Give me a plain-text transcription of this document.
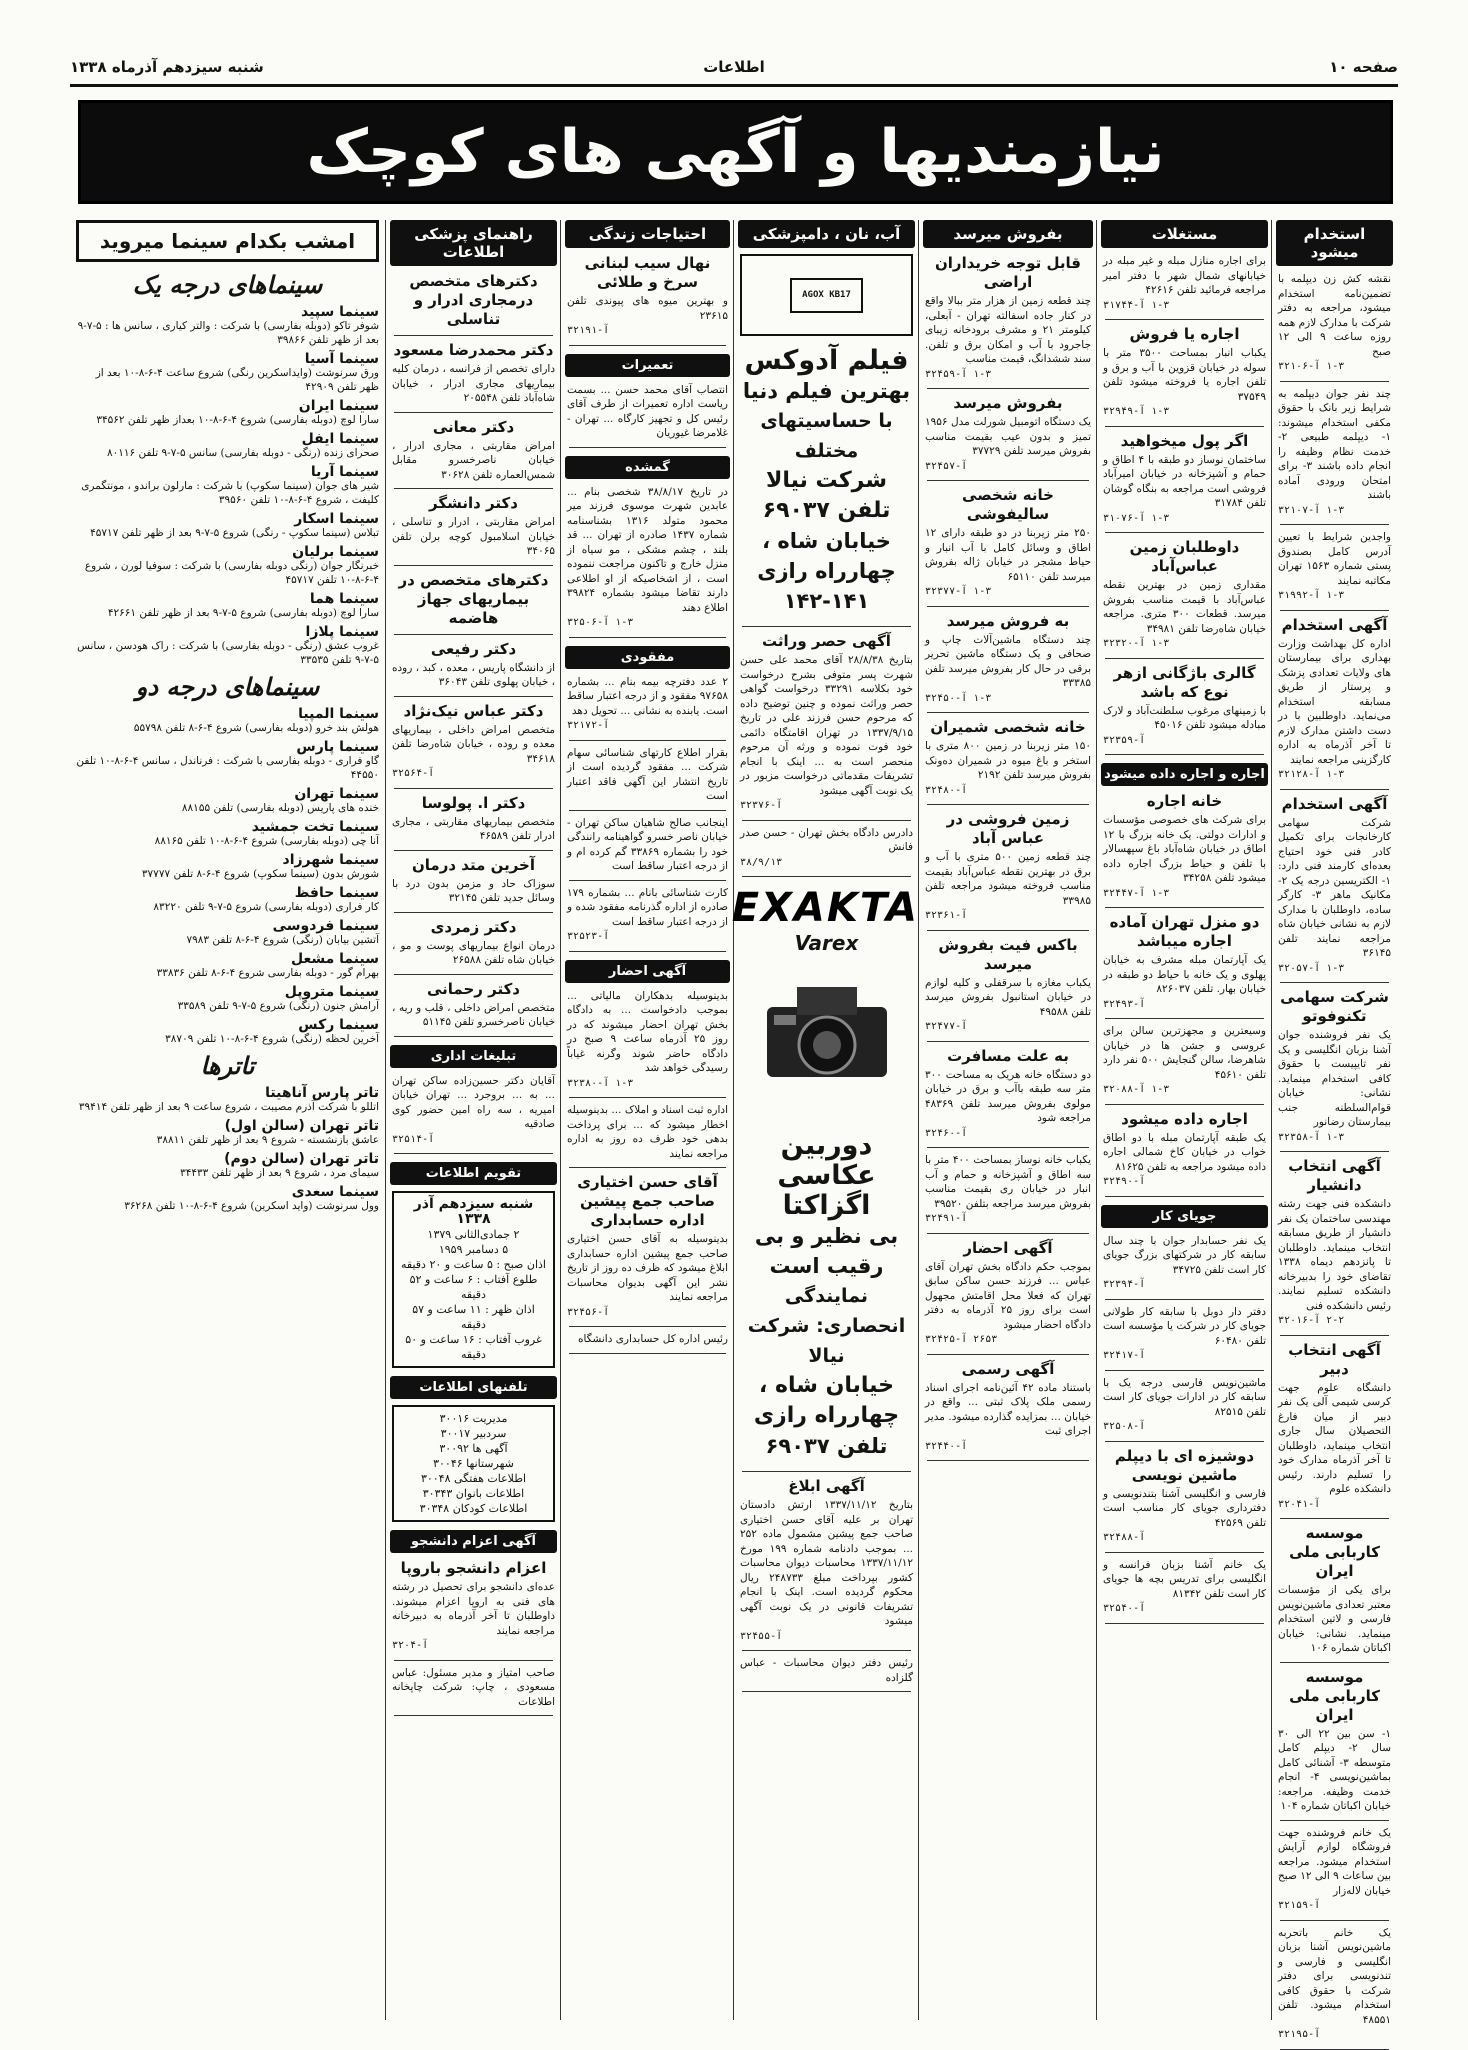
صفحه ۱۰
اطلاعات
شنبه سیزدهم آذرماه ۱۳۳۸
نیازمندیها و آگهی های کوچک
استخدام میشود
نقشه کش زن دیپلمه با تضمین‌نامه استخدام میشود، مراجعه به دفتر شرکت با مدارک لازم همه روزه ساعت ۹ الی ۱۲ صبح
۱-۳ آ-۳۲۱۰۶
چند نفر جوان دیپلمه به شرایط زیر بانک با حقوق مکفی استخدام میشوند: ۱- دیپلمه طبیعی ۲- خدمت نظام وظیفه را انجام داده باشند ۳- برای امتحان ورودی آماده باشند
۱-۳ آ-۳۲۱۰۷
واجدین شرایط با تعیین آدرس کامل بصندوق پستی شماره ۱۵۶۳ تهران مکاتبه نمایند
۱-۳ آ-۳۱۹۹۲
آگهی استخدام
اداره کل بهداشت وزارت بهداری برای بیمارستان های ولایات تعدادی پزشک و پرستار از طریق مسابقه استخدام می‌نماید. داوطلبین با در دست داشتن مدارک لازم تا آخر آذرماه به اداره کارگزینی مراجعه نمایند
۱-۳ آ-۳۲۱۲۸
آگهی استخدام
شرکت سهامی کارخانجات برای تکمیل کادر فنی خود احتیاج بعده‌ای کارمند فنی دارد: ۱- الکتریسین درجه یک ۲- مکانیک ماهر ۳- کارگر ساده، داوطلبان با مدارک لازم به نشانی خیابان شاه مراجعه نمایند تلفن ۳۶۱۴۵
۱-۳ آ-۳۲۰۵۷
شرکت سهامی تکنوفوتو
یک نفر فروشنده جوان آشنا بزبان انگلیسی و یک نفر تایپیست با حقوق کافی استخدام مینماید. نشانی: خیابان قوام‌السلطنه جنب بیمارستان رضانور
۱-۳ آ-۳۲۳۵۸
آگهی انتخاب دانشیار
دانشکده فنی جهت رشته مهندسی ساختمان یک نفر دانشیار از طریق مسابقه انتخاب مینماید. داوطلبان تا پانزدهم دیماه ۱۳۳۸ تقاضای خود را بدبیرخانه دانشکده تسلیم نمایند. رئیس دانشکده فنی
۲-۲ آ-۳۲۰۱۶
آگهی انتخاب دبیر
دانشگاه علوم جهت کرسی شیمی آلی یک نفر دبیر از میان فارغ التحصیلان سال جاری انتخاب مینماید، داوطلبان تا آخر آذرماه مدارک خود را تسلیم دارند. رئیس دانشکده علوم
آ-۳۲۰۴۱
موسسه کاربابی ملی ایران
برای یکی از مؤسسات معتبر تعدادی ماشین‌نویس فارسی و لاتین استخدام مینماید. نشانی: خیابان اکباتان شماره ۱۰۶
موسسه کاربابی ملی ایران
۱- سن بین ۲۲ الی ۳۰ سال ۲- دیپلم کامل متوسطه ۳- آشنائی کامل بماشین‌نویسی ۴- انجام خدمت وظیفه. مراجعه: خیابان اکباتان شماره ۱۰۴
یک خانم فروشنده جهت فروشگاه لوازم آرایش استخدام میشود. مراجعه بین ساعات ۹ الی ۱۲ صبح خیابان لاله‌زار
آ-۳۲۱۵۹
یک خانم باتحربه ماشین‌نویس آشنا بزبان انگلیسی و فارسی و تندنویسی برای دفتر شرکت با حقوق کافی استخدام میشود. تلفن ۴۸۵۵۱
آ-۳۲۱۹۵
مستغلات
برای اجاره منازل مبله و غیر مبله در خیابانهای شمال شهر با دفتر امیر مراجعه فرمائید تلفن ۴۲۶۱۶
۱-۳ آ-۳۱۷۴۴
اجاره یا فروش
یکباب انبار بمساحت ۳۵۰۰ متر با سوله در خیابان قزوین با آب و برق و تلفن اجاره یا فروخته میشود تلفن ۳۷۵۴۹
۱-۳ آ-۳۲۹۴۹
اگر پول میخواهید
ساختمان نوساز دو طبقه با ۴ اطاق و حمام و آشپزخانه در خیابان امیرآباد فروشی است مراجعه به بنگاه گوشان تلفن ۳۱۷۸۴
۱-۳ آ-۳۱۰۷۶
داوطلبان زمین عباس‌آباد
مقداری زمین در بهترین نقطه عباس‌آباد با قیمت مناسب بفروش میرسد. قطعات ۳۰۰ متری. مراجعه خیابان شاه‌رضا تلفن ۳۴۹۸۱
۱-۳ آ-۳۲۳۲۰
گالری باژگانی ازهر نوع که باشد
با زمینهای مرغوب سلطنت‌آباد و لارک مبادله میشود تلفن ۴۵۰۱۶
آ-۳۲۳۵۹
اجاره و اجاره داده میشود
خانه اجاره
برای شرکت های خصوصی مؤسسات و ادارات دولتی. یک خانه بزرگ با ۱۲ اطاق در خیابان شاه‌آباد باغ سپهسالار با تلفن و حیاط بزرگ اجاره داده میشود تلفن ۳۴۲۵۸
۱-۳ آ-۳۲۴۴۷
دو منزل تهران آماده اجاره میباشد
یک آپارتمان مبله مشرف به خیابان پهلوی و یک خانه با حیاط دو طبقه در خیابان بهار. تلفن ۸۲۶۰۳۷
آ-۳۲۴۹۳
وسیعترین و مجهزترین سالن برای عروسی و جشن ها در خیابان شاهرضا، سالن گنجایش ۵۰۰ نفر دارد تلفن ۴۵۶۱۰
۱-۳ آ-۳۲۰۸۸
اجاره داده میشود
یک طبقه آپارتمان مبله با دو اطاق خواب در خیابان کاخ شمالی اجاره داده میشود مراجعه به تلفن ۸۱۶۲۵
آ-۳۲۴۹۰
جویای کار
یک نفر حسابدار جوان با چند سال سابقه کار در شرکتهای بزرگ جویای کار است تلفن ۳۴۷۲۵
آ-۳۲۳۹۴
دفتر دار دوبل با سابقه کار طولانی جویای کار در شرکت یا مؤسسه است تلفن ۶۰۴۸۰
آ-۳۲۴۱۷
ماشین‌نویس فارسی درجه یک با سابقه کار در ادارات جویای کار است تلفن ۸۲۵۱۵
آ-۳۲۵۰۸
دوشیزه ای با دیپلم ماشین نویسی
فارسی و انگلیسی آشنا بتندنویسی و دفترداری جویای کار مناسب است تلفن ۴۲۵۶۹
آ-۳۲۴۸۸
یک خانم آشنا بزبان فرانسه و انگلیسی برای تدریس بچه ها جویای کار است تلفن ۸۱۳۴۲
آ-۳۲۵۴۰
بفروش میرسد
قابل توجه خریداران اراضی
چند قطعه زمین از هزار متر ببالا واقع در کنار جاده اسفالته تهران - آبعلی، کیلومتر ۲۱ و مشرف برودخانه زیبای جاجرود با آب و امکان برق و تلفن. سند ششدانگ، قیمت مناسب
۱-۳ آ-۳۲۴۵۹
بفروش میرسد
یک دستگاه اتومبیل شورلت مدل ۱۹۵۶ تمیز و بدون عیب بقیمت مناسب بفروش میرسد تلفن ۳۷۷۲۹
آ-۳۲۴۵۷
خانه شخصی سالیفوشی
۲۵۰ متر زیربنا در دو طبقه دارای ۱۲ اطاق و وسائل کامل با آب انبار و حیاط مشجر در خیابان ژاله بفروش میرسد تلفن ۶۵۱۱۰
۱-۳ آ-۳۲۳۷۷
به فروش میرسد
چند دستگاه ماشین‌آلات چاپ و صحافی و یک دستگاه ماشین تحریر برقی در حال کار بفروش میرسد تلفن ۳۳۳۸۵
۱-۳ آ-۳۲۴۵۰
خانه شخصی شمیران
۱۵۰ متر زیربنا در زمین ۸۰۰ متری با استخر و باغ میوه در شمیران ده‌ونک بفروش میرسد تلفن ۲۱۹۲
آ-۳۲۴۸۰
زمین فروشی در عباس آباد
چند قطعه زمین ۵۰۰ متری با آب و برق در بهترین نقطه عباس‌آباد بقیمت مناسب فروخته میشود مراجعه تلفن ۳۳۹۸۵
آ-۳۲۳۶۱
باکس فیت بفروش میرسد
یکباب مغازه با سرقفلی و کلیه لوازم در خیابان استانبول بفروش میرسد تلفن ۴۹۵۸۸
آ-۳۲۴۷۷
به علت مسافرت
دو دستگاه خانه هریک به مساحت ۳۰۰ متر سه طبقه باآب و برق در خیابان مولوی بفروش میرسد تلفن ۴۸۳۶۹ مراجعه شود
آ-۳۲۴۶۰
یکباب خانه نوساز بمساحت ۴۰۰ متر با سه اطاق و آشپزخانه و حمام و آب انبار در خیابان ری بقیمت مناسب بفروش میرسد مراجعه بتلفن ۳۹۵۲۰
آ-۳۲۴۹۱
آگهی احضار
بموجب حکم دادگاه بخش تهران آقای عباس ... فرزند حسن ساکن سابق تهران که فعلا محل اقامتش مجهول است برای روز ۲۵ آذرماه به دفتر دادگاه احضار میشود
۲۶۵۳ آ-۳۲۴۲۵
آگهی رسمی
باستناد ماده ۴۲ آئین‌نامه اجرای اسناد رسمی ملک پلاک ثبتی ... واقع در خیابان ... بمزایده گذارده میشود. مدیر اجرای ثبت
آ-۳۲۴۴۰
آب، نان ، دامپزشکی
AGOX KB17
فیلم آدوکس
بهترین فیلم دنیا
با حساسیتهای مختلف
شرکت نیالا تلفن ۶۹۰۳۷
خیابان شاه ، چهارراه رازی ۱۴۱-۱۴۲
آگهی حصر وراثت
بتاریخ ۲۸/۸/۳۸ آقای محمد علی حسن شهرت پسر متوفی بشرح درخواست خود بکلاسه ۳۳۲۹۱ درخواست گواهی حصر وراثت نموده و چنین توضیح داده که مرحوم حسن فرزند علی در تاریخ ۱۳۳۷/۹/۱۵ در تهران اقامتگاه دائمی خود فوت نموده و ورثه آن مرحوم منحصر است به ... اینک با انجام تشریفات مقدماتی درخواست مزبور در یک نوبت آگهی میشود
آ-۳۲۳۷۶
دادرس دادگاه بخش تهران - حسن صدر فانش
۳۸/۹/۱۳
EXAKTA
Varex
دوربین عکاسی اگزاکتا
بی نظیر و بی رقیب است
نمایندگی انحصاری: شرکت نیالا
خیابان شاه ، چهارراه رازی
تلفن ۶۹۰۳۷
آگهی ابلاغ
بتاریخ ۱۳۳۷/۱۱/۱۲ ارتش دادستان تهران بر علیه آقای حسن اختیاری صاحب جمع پیشین مشمول ماده ۲۵۲ ... بموجب دادنامه شماره ۱۹۹ مورخ ۱۳۳۷/۱۱/۱۲ محاسبات دیوان محاسبات کشور بپرداخت مبلغ ۲۴۸۷۳۳ ریال محکوم گردیده است. اینک با انجام تشریفات قانونی در یک نوبت آگهی میشود
آ-۳۲۴۵۵
رئیس دفتر دیوان محاسبات - عباس گلزاده
احتیاجات زندگی
نهال سیب لبنانی سرخ و طلائی
و بهترین میوه های پیوندی تلفن ۲۳۶۱۵
آ-۳۲۱۹۱
تعمیرات
انتصاب آقای محمد حسن ... بسمت ریاست اداره تعمیرات از طرف آقای رئیس کل و تجهیز کارگاه ... تهران - غلامرضا غیوریان
گمشده
در تاریخ ۳۸/۸/۱۷ شخصی بنام ... عابدین شهرت موسوی فرزند میر محمود متولد ۱۳۱۶ بشناسنامه شماره ۱۴۳۷ صادره از تهران ... قد بلند ، چشم مشکی ، مو سیاه از منزل خارج و تاکنون مراجعت ننموده است ، از اشخاصیکه از او اطلاعی دارند تقاضا میشود بشماره ۳۹۸۲۴ اطلاع دهند
۱-۳ آ-۳۲۵۰۶
مفقودی
۲ عدد دفترچه بیمه بنام ... بشماره ۹۷۶۵۸ مفقود و از درجه اعتبار ساقط است. یابنده به نشانی ... تحویل دهد
آ-۳۲۱۷۲
بقرار اطلاع کارتهای شناسائی سهام شرکت ... مفقود گردیده است از تاریخ انتشار این آگهی فاقد اعتبار است
اینجانب صالح شاهیان ساکن تهران - خیابان ناصر خسرو گواهینامه رانندگی خود را بشماره ۳۳۸۶۹ گم کرده ام و از درجه اعتبار ساقط است
کارت شناسائی بانام ... بشماره ۱۷۹ صادره از اداره گذرنامه مفقود شده و از درجه اعتبار ساقط است
آ-۳۲۵۲۳
آگهی احضار
بدینوسیله بدهکاران مالیاتی ... بموجب دادخواست ... به دادگاه بخش تهران احضار میشوند که در روز ۲۵ آذرماه ساعت ۹ صبح در دادگاه حاضر شوند وگرنه غیاباً رسیدگی خواهد شد
۱-۳ آ-۳۲۳۸۰
اداره ثبت اسناد و املاک ... بدینوسیله اخطار میشود که ... برای پرداخت بدهی خود ظرف ده روز به اداره مراجعه نمایند
آقای حسن اختیاری صاحب جمع پیشین اداره حسابداری
بدینوسیله به آقای حسن اختیاری صاحب جمع پیشین اداره حسابداری ابلاغ میشود که ظرف ده روز از تاریخ نشر این آگهی بدیوان محاسبات مراجعه نمایند
آ-۳۲۴۵۶
رئیس اداره کل حسابداری دانشگاه
راهنمای پزشکی اطلاعات
دکترهای متخصص درمجاری ادرار و تناسلی
دکتر محمدرضا مسعود
دارای تخصص از فرانسه ، درمان کلیه بیماریهای مجاری ادرار ، خیابان شاه‌آباد تلفن ۲۰۵۵۴۸
دکتر معانی
امراض مقاربتی ، مجاری ادرار ، خیابان ناصرخسرو مقابل شمس‌العماره تلفن ۳۰۶۲۸
دکتر دانشگر
امراض مقاربتی ، ادرار و تناسلی ، خیابان اسلامبول کوچه برلن تلفن ۳۴۰۶۵
دکترهای متخصص در بیماریهای جهاز هاضمه
دکتر رفیعی
از دانشگاه پاریس ، معده ، کبد ، روده ، خیابان پهلوی تلفن ۳۶۰۴۳
دکتر عباس نیک‌نژاد
متخصص امراض داخلی ، بیماریهای معده و روده ، خیابان شاه‌رضا تلفن ۳۴۶۱۸
آ-۳۲۵۶۴
دکتر ا. پولوسا
متخصص بیماریهای مقاربتی ، مجاری ادرار تلفن ۴۶۵۸۹
آخرین متد درمان
سوزاک حاد و مزمن بدون درد با وسائل جدید تلفن ۳۲۱۴۵
دکتر زمردی
درمان انواع بیماریهای پوست و مو ، خیابان شاه تلفن ۲۶۵۸۸
دکتر رحمانی
متخصص امراض داخلی ، قلب و ریه ، خیابان ناصرخسرو تلفن ۵۱۱۴۵
تبلیغات اداری
آقایان دکتر حسین‌زاده ساکن تهران ... به ... بروجرد ... تهران خیابان امیریه ، سه راه امین حضور کوی صادقیه
آ-۳۲۵۱۴
تقویم اطلاعات
شنبه سیزدهم آذر ۱۳۳۸
۲ جمادی‌الثانی ۱۳۷۹
۵ دسامبر ۱۹۵۹
اذان صبح : ۵ ساعت و ۲۰ دقیقه
طلوع آفتاب : ۶ ساعت و ۵۲ دقیقه
اذان ظهر : ۱۱ ساعت و ۵۷ دقیقه
غروب آفتاب : ۱۶ ساعت و ۵۰ دقیقه
تلفنهای اطلاعات
مدیریت ۳۰۰۱۶
سردبیر ۳۰۰۱۷
آگهی ها ۳۰۰۹۲
شهرستانها ۳۰۰۴۶
اطلاعات هفتگی ۳۰۰۴۸
اطلاعات بانوان ۳۰۳۴۳
اطلاعات کودکان ۳۰۳۴۸
آگهی اعزام دانشجو
اعزام دانشجو باروپا
عده‌ای دانشجو برای تحصیل در رشته های فنی به اروپا اعزام میشوند. داوطلبان تا آخر آذرماه به دبیرخانه مراجعه نمایند
آ-۳۲۰۴
صاحب امتیاز و مدیر مسئول: عباس مسعودی ، چاپ: شرکت چاپخانه اطلاعات
امشب بکدام سینما میروید
سینماهای درجه یک
سینما سپید
شوفر تاکو (دوبله بفارسی) با شرکت : والتر کیاری ، سانس ها : ۵-۷-۹ بعد از ظهر تلفن ۳۹۸۶۶
سینما آسیا
ورق سرنوشت (وایداسکرین رنگی) شروع ساعت ۴-۶-۸-۱۰ بعد از ظهر تلفن ۴۲۹۰۹
سینما ایران
سارا لوچ (دوبله بفارسی) شروع ۴-۶-۸-۱۰ بعداز ظهر تلفن ۳۴۵۶۲
سینما ایفل
صحرای زنده (رنگی - دوبله بفارسی) سانس ۵-۷-۹ تلفن ۸۰۱۱۶
سینما آریا
شیر های جوان (سینما سکوپ) با شرکت : مارلون براندو ، مونتگمری کلیفت ، شروع ۴-۶-۸-۱۰ تلفن ۳۹۵۶۰
سینما اسکار
تبلاس (سینما سکوپ - رنگی) شروع ۵-۷-۹ بعد از ظهر تلفن ۴۵۷۱۷
سینما برلیان
خبرنگار جوان (رنگی دوبله بفارسی) با شرکت : سوفیا لورن ، شروع ۴-۶-۸-۱۰ تلفن ۴۵۷۱۷
سینما هما
سارا لوچ (دوبله بفارسی) شروع ۵-۷-۹ بعد از ظهر تلفن ۴۲۶۶۱
سینما پلازا
غروب عشق (رنگی - دوبله بفارسی) با شرکت : راک هودسن ، سانس ۵-۷-۹ تلفن ۳۳۵۳۵
سینماهای درجه دو
سینما المپیا
هولش بند خرو (دوبله بفارسی) شروع ۴-۶-۸ تلفن ۵۵۷۹۸
سینما پارس
گاو فراری - دوبله بفارسی با شرکت : فرناندل ، سانس ۴-۶-۸-۱۰ تلفن ۴۴۵۵۰
سینما تهران
خنده های پاریس (دوبله بفارسی) تلفن ۸۸۱۵۵
سینما تخت جمشید
آنا چی (دوبله بفارسی) شروع ۴-۶-۸-۱۰ تلفن ۸۸۱۶۵
سینما شهرزاد
شورش بدون (سینما سکوپ) شروع ۴-۶-۸ تلفن ۳۷۷۷۷
سینما حافظ
کار فراری (دوبله بفارسی) شروع ۵-۷-۹ تلفن ۸۳۲۲۰
سینما فردوسی
آتشین بیابان (رنگی) شروع ۴-۶-۸ تلفن ۷۹۸۳
سینما مشعل
بهرام گور - دوبله بفارسی شروع ۴-۶-۸ تلفن ۳۳۸۳۶
سینما متروپل
آرامش جنون (رنگی) شروع ۵-۷-۹ تلفن ۳۳۵۸۹
سینما رکس
آخرین لحظه (رنگی) شروع ۴-۶-۸-۱۰ تلفن ۳۸۷۰۹
تاترها
تاتر پارس آناهیتا
اتللو با شرکت آذرم مصیبت ، شروع ساعت ۹ بعد از ظهر تلفن ۳۹۴۱۴
تاتر تهران (سالن اول)
عاشق بازنشسته - شروع ۹ بعد از ظهر تلفن ۳۸۸۱۱
تاتر تهران (سالن دوم)
سیمای مرد ، شروع ۹ بعد از ظهر تلفن ۳۴۴۳۳
سینما سعدی
وول سرنوشت (واید اسکرین) شروع ۴-۶-۸-۱۰ تلفن ۳۶۲۶۸
